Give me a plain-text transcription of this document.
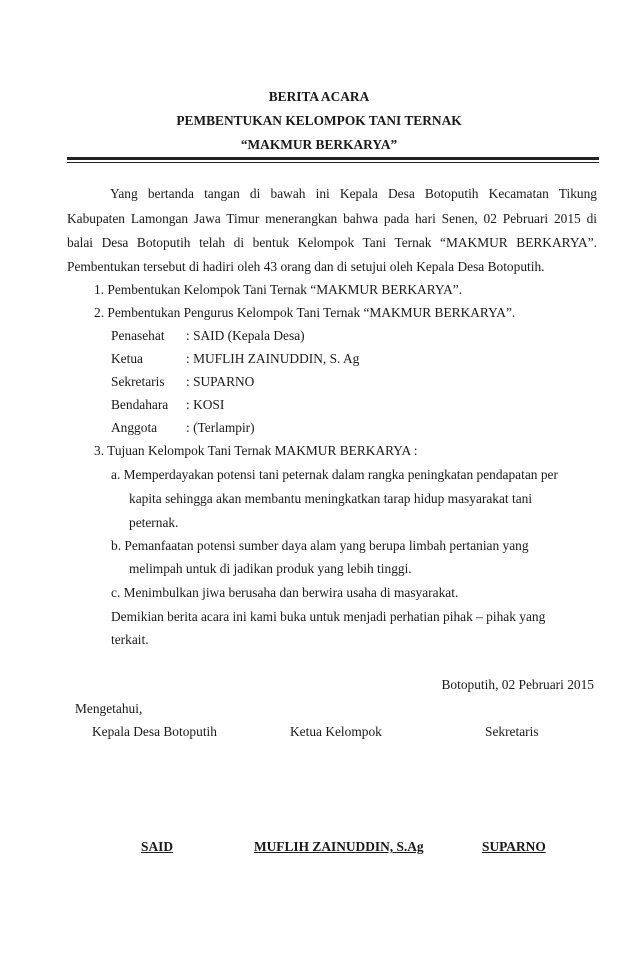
BERITA ACARA
PEMBENTUKAN KELOMPOK TANI TERNAK
“MAKMUR BERKARYA”
Yang bertanda tangan di bawah ini Kepala Desa Botoputih Kecamatan Tikung
Kabupaten Lamongan Jawa Timur menerangkan bahwa pada hari Senen, 02 Pebruari 2015 di
balai Desa Botoputih telah di bentuk Kelompok Tani Ternak “MAKMUR BERKARYA”.
Pembentukan tersebut di hadiri oleh 43 orang dan di setujui oleh Kepala Desa Botoputih.
1. Pembentukan Kelompok Tani Ternak “MAKMUR BERKARYA”.
2. Pembentukan Pengurus Kelompok Tani Ternak “MAKMUR BERKARYA”.
Penasehat : SAID (Kepala Desa)
Ketua	: MUFLIH ZAINUDDIN, S. Ag
Sekretaris : SUPARNO
Bendahara : KOSI
Anggota : (Terlampir)
3. Tujuan Kelompok Tani Ternak MAKMUR BERKARYA :
a. Memperdayakan potensi tani peternak dalam rangka peningkatan pendapatan per
kapita sehingga akan membantu meningkatkan tarap hidup masyarakat tani
peternak.
b. Pemanfaatan potensi sumber daya alam yang berupa limbah pertanian yang
melimpah untuk di jadikan produk yang lebih tinggi.
c. Menimbulkan jiwa berusaha dan berwira usaha di masyarakat.
Demikian berita acara ini kami buka untuk menjadi perhatian pihak – pihak yang
terkait.
Botoputih, 02 Pebruari 2015
Mengetahui,
Kepala Desa Botoputih	Ketua Kelompok	Sekretaris
SAID	MUFLIH ZAINUDDIN, S.Ag	SUPARNO
